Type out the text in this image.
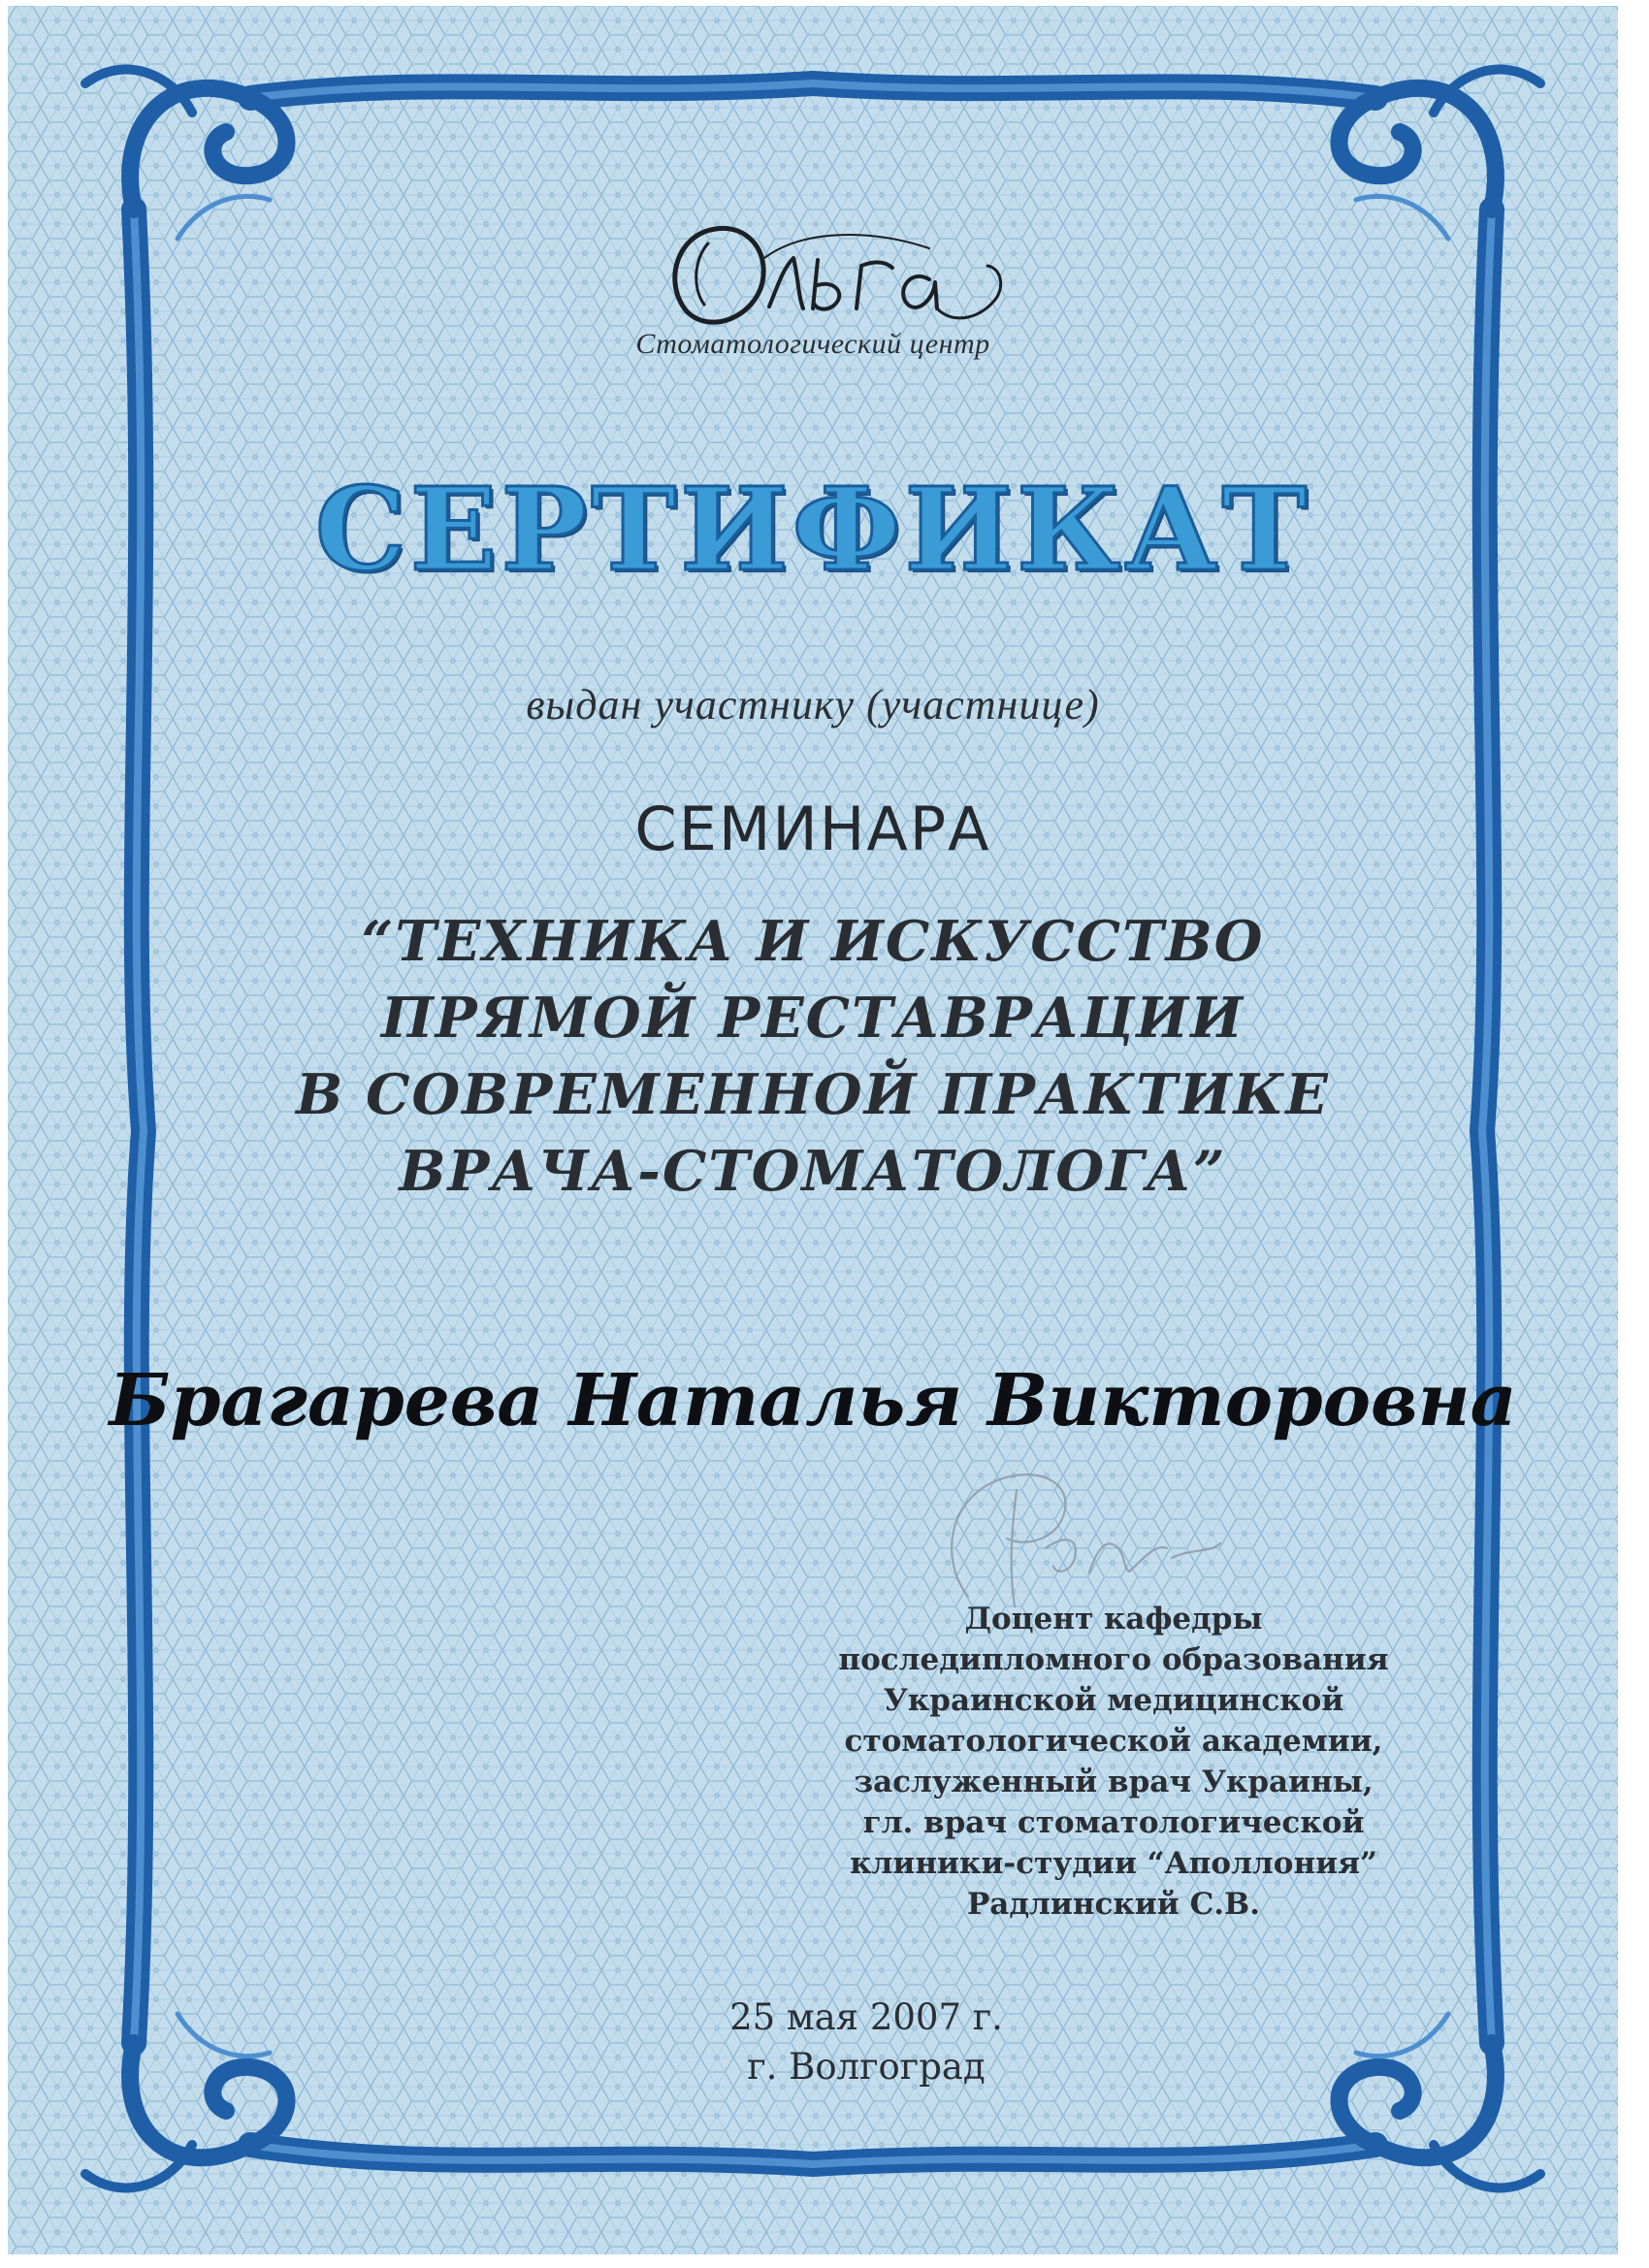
Стоматологический центр
СЕРТИФИКАТ
выдан участнику (участнице)
СЕМИНАРА
“ТЕХНИКА И ИСКУССТВО
ПРЯМОЙ РЕСТАВРАЦИИ
В СОВРЕМЕННОЙ ПРАКТИКЕ
ВРАЧА-СТОМАТОЛОГА”
Брагарева Наталья Викторовна
Доцент кафедры
последипломного образования
Украинской медицинской
стоматологической академии,
заслуженный врач Украины,
гл. врач стоматологической
клиники-студии “Аполлония”
Радлинский С.В.
25 мая 2007 г.
г. Волгоград
